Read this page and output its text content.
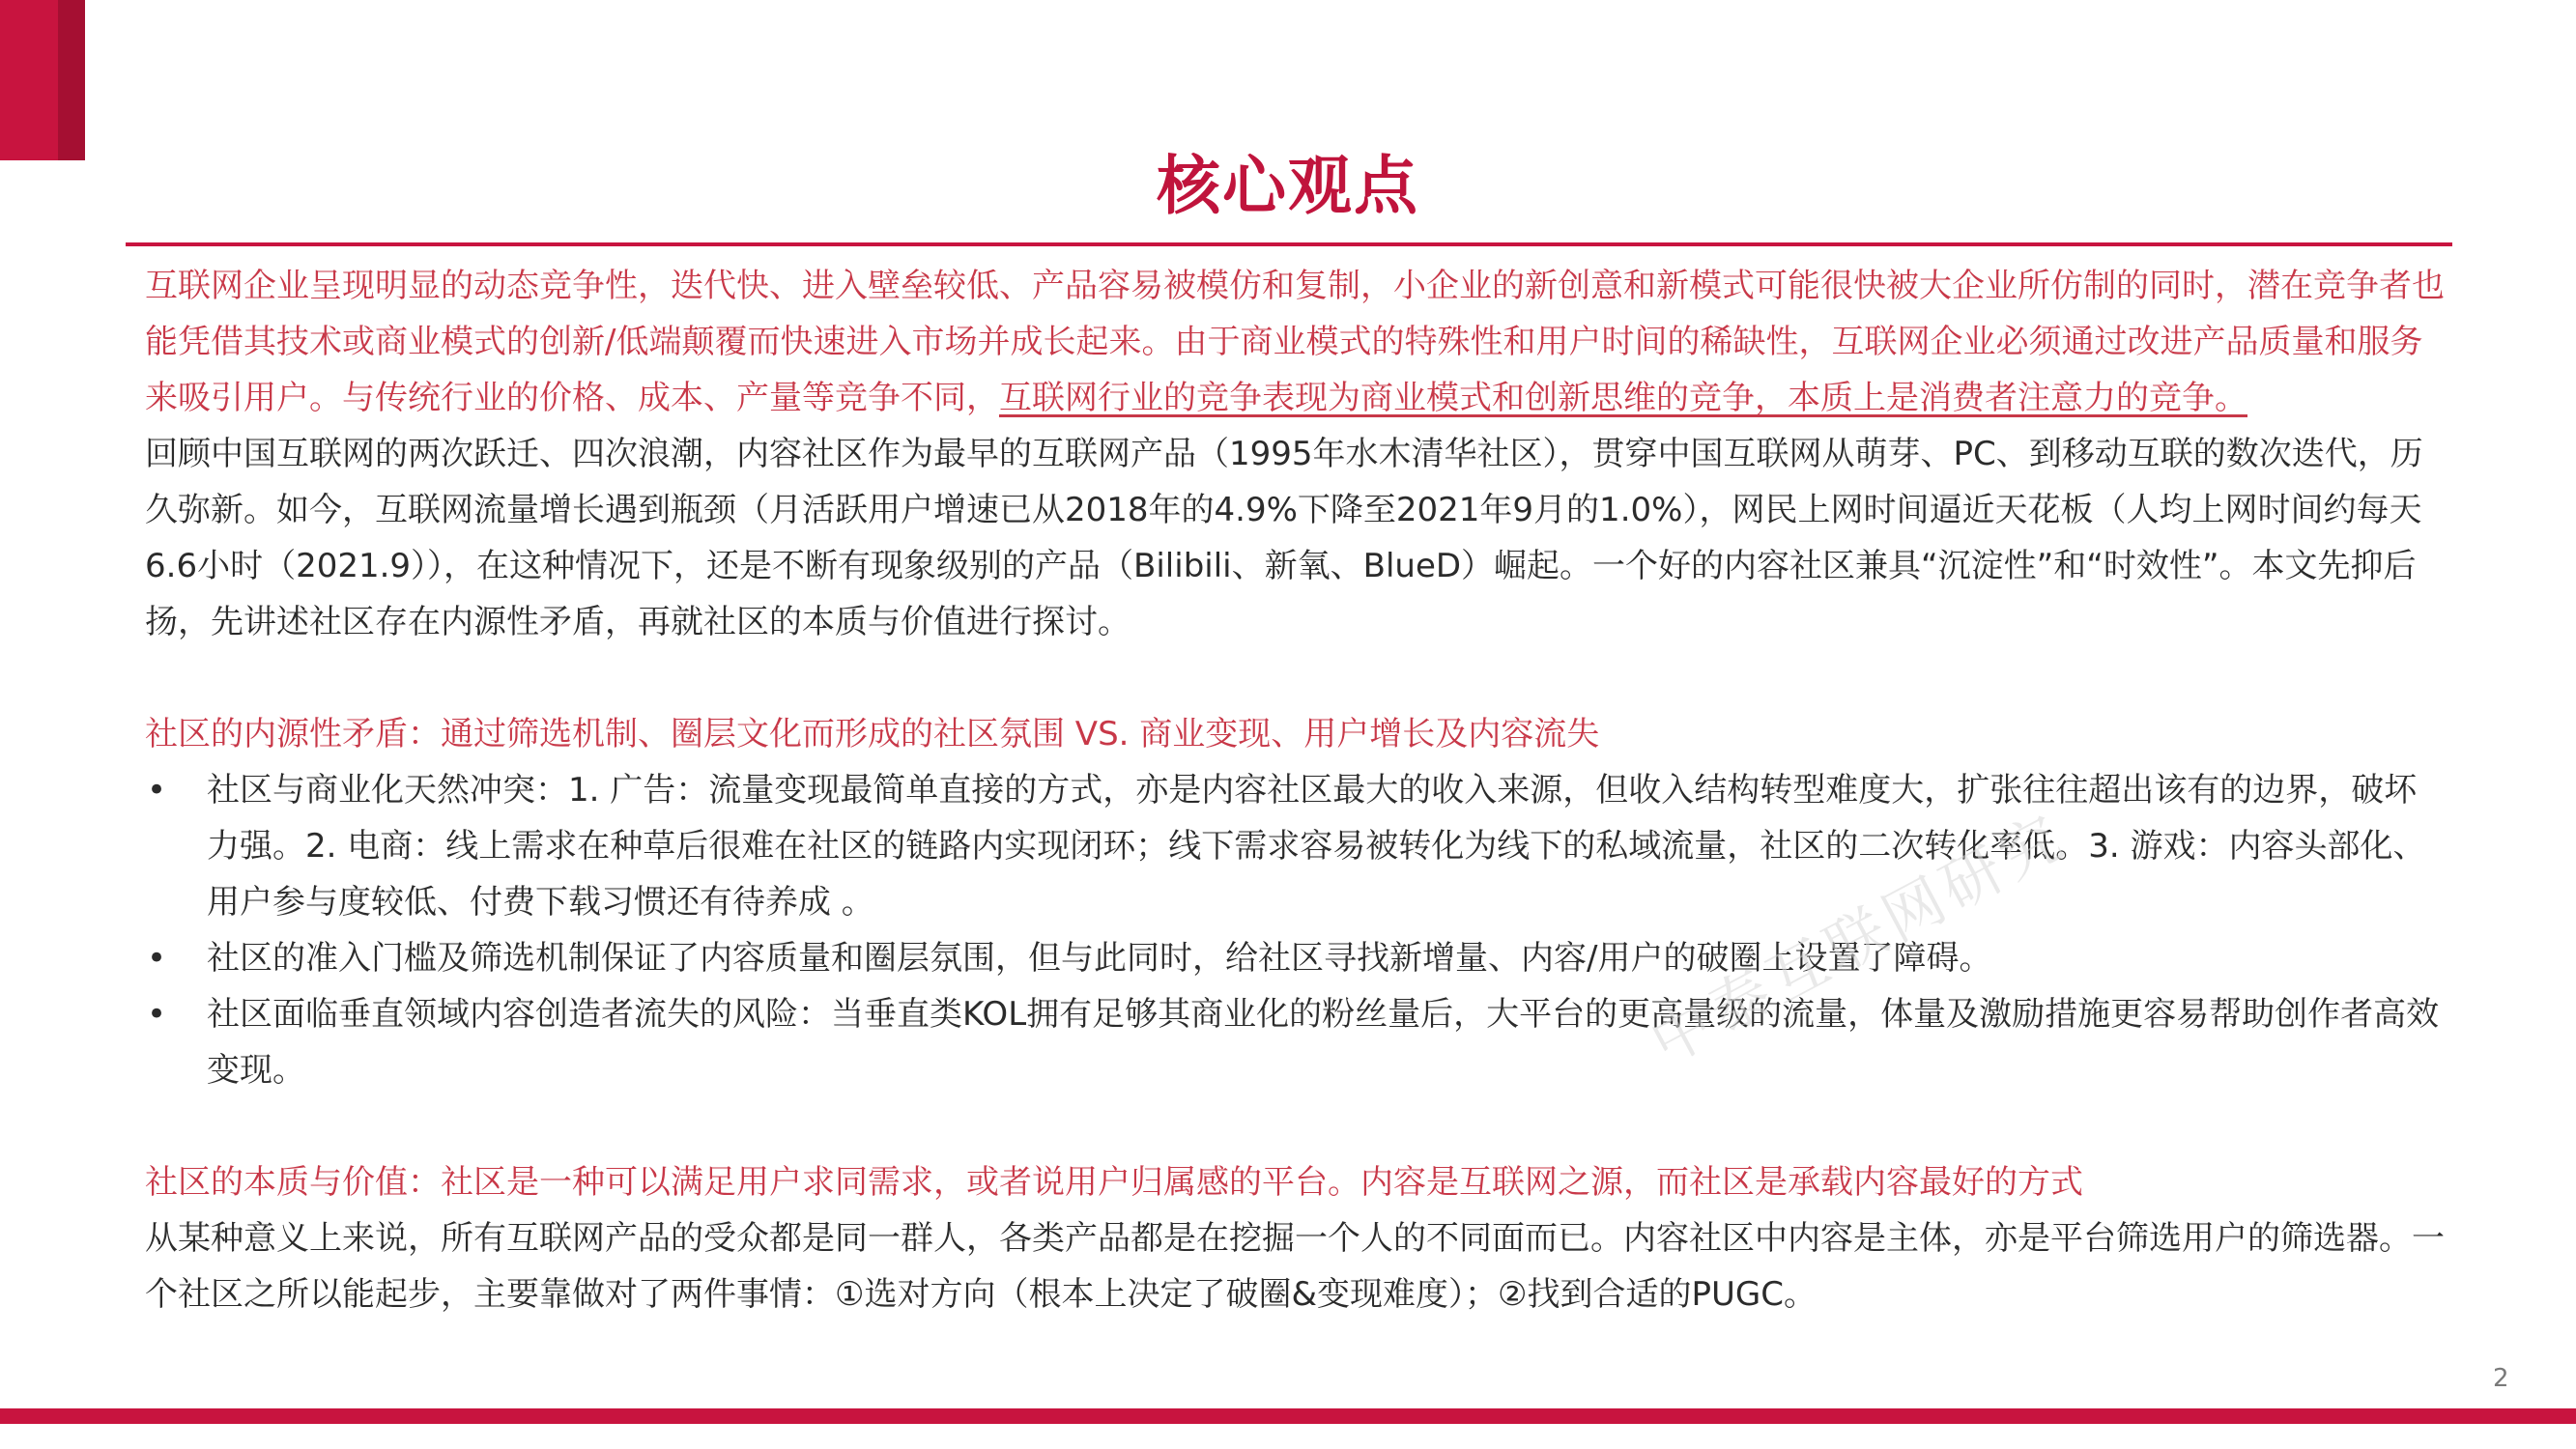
核心观点

互联网企业呈现明显的动态竞争性，迭代快、进入壁垒较低、产品容易被模仿和复制，小企业的新创意和新模式可能很快被大企业所仿制的同时，潜在竞争者也能凭借其技术或商业模式的创新/低端颠覆而快速进入市场并成长起来。由于商业模式的特殊性和用户时间的稀缺性，互联网企业必须通过改进产品质量和服务来吸引用户。与传统行业的价格、成本、产量等竞争不同，互联网行业的竞争表现为商业模式和创新思维的竞争，本质上是消费者注意力的竞争。

回顾中国互联网的两次跃迁、四次浪潮，内容社区作为最早的互联网产品（1995年水木清华社区），贯穿中国互联网从萌芽、PC、到移动互联的数次迭代，历久弥新。如今，互联网流量增长遇到瓶颈（月活跃用户增速已从2018年的4.9%下降至2021年9月的1.0%），网民上网时间逼近天花板（人均上网时间约每天6.6小时（2021.9）），在这种情况下，还是不断有现象级别的产品（Bilibili、新氧、BlueD）崛起。一个好的内容社区兼具“沉淀性”和“时效性”。本文先抑后扬，先讲述社区存在内源性矛盾，再就社区的本质与价值进行探讨。

社区的内源性矛盾：通过筛选机制、圈层文化而形成的社区氛围 VS. 商业变现、用户增长及内容流失

• 社区与商业化天然冲突：1. 广告：流量变现最简单直接的方式，亦是内容社区最大的收入来源，但收入结构转型难度大，扩张往往超出该有的边界，破坏力强。2. 电商：线上需求在种草后很难在社区的链路内实现闭环；线下需求容易被转化为线下的私域流量，社区的二次转化率低。3. 游戏：内容头部化、用户参与度较低、付费下载习惯还有待养成 。
• 社区的准入门槛及筛选机制保证了内容质量和圈层氛围，但与此同时，给社区寻找新增量、内容/用户的破圈上设置了障碍。
• 社区面临垂直领域内容创造者流失的风险：当垂直类KOL拥有足够其商业化的粉丝量后，大平台的更高量级的流量，体量及激励措施更容易帮助创作者高效变现。

社区的本质与价值：社区是一种可以满足用户求同需求，或者说用户归属感的平台。内容是互联网之源，而社区是承载内容最好的方式

从某种意义上来说，所有互联网产品的受众都是同一群人，各类产品都是在挖掘一个人的不同面而已。内容社区中内容是主体，亦是平台筛选用户的筛选器。一个社区之所以能起步，主要靠做对了两件事情：①选对方向（根本上决定了破圈&变现难度）；②找到合适的PUGC。

中泰互联网研究
2
